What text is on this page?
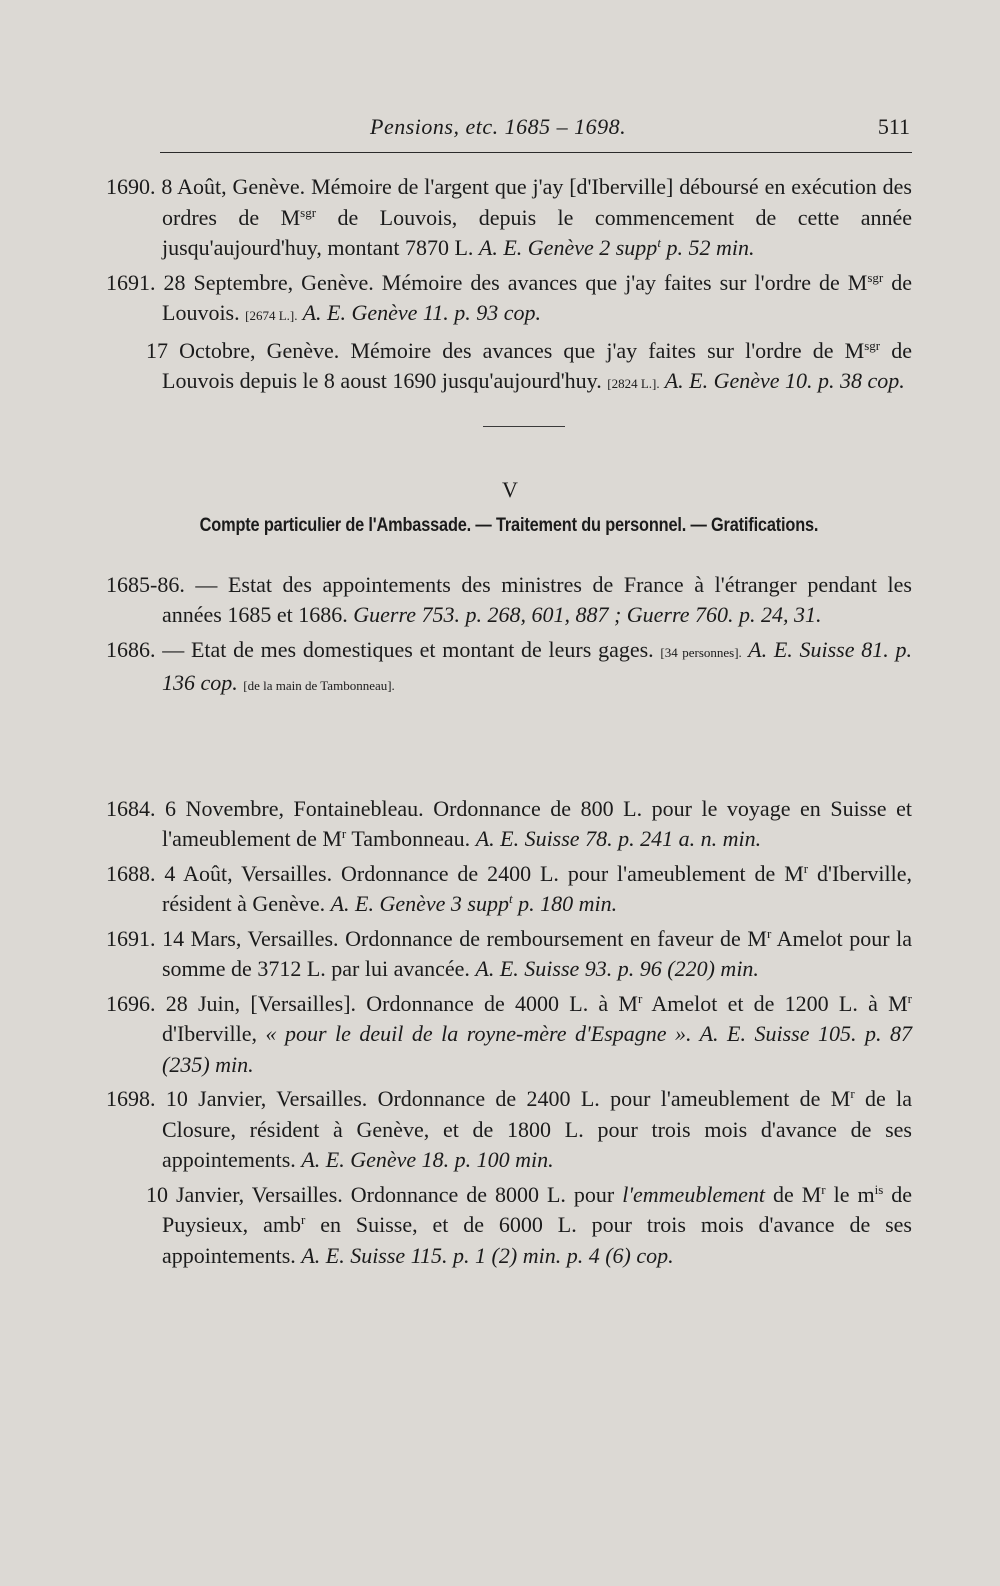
Pensions, etc. 1685 – 1698.	511

1690. 8 Août, Genève. Mémoire de l'argent que j'ay [d'Iberville] déboursé en exécution des ordres de $M^{sgr}$ de Louvois, depuis le commencement de cette année jusqu'aujourd'huy, montant 7870 L. A. E. Genève 2 supp$^t$ p. 52 min.

1691. 28 Septembre, Genève. Mémoire des avances que j'ay faites sur l'ordre de $M^{sgr}$ de Louvois. [2674 L.]. A. E. Genève 11. p. 93 cop.

17 Octobre, Genève. Mémoire des avances que j'ay faites sur l'ordre de $M^{sgr}$ de Louvois depuis le 8 aoust 1690 jusqu'aujourd'huy. [2824 L.]. A. E. Genève 10. p. 38 cop.

V
Compte particulier de l'Ambassade. — Traitement du personnel. — Gratifications.

1685-86. — Estat des appointements des ministres de France à l'étranger pendant les années 1685 et 1686. Guerre 753. p. 268, 601, 887 ; Guerre 760. p. 24, 31.

1686. — Etat de mes domestiques et montant de leurs gages. [34 personnes]. A. E. Suisse 81. p. 136 cop. [de la main de Tambonneau].

1684. 6 Novembre, Fontainebleau. Ordonnance de 800 L. pour le voyage en Suisse et l'ameublement de $M^r$ Tambonneau. A. E. Suisse 78. p. 241 a. n. min.

1688. 4 Août, Versailles. Ordonnance de 2400 L. pour l'ameublement de $M^r$ d'Iberville, résident à Genève. A. E. Genève 3 supp$^t$ p. 180 min.

1691. 14 Mars, Versailles. Ordonnance de remboursement en faveur de $M^r$ Amelot pour la somme de 3712 L. par lui avancée. A. E. Suisse 93. p. 96 (220) min.

1696. 28 Juin, [Versailles]. Ordonnance de 4000 L. à $M^r$ Amelot et de 1200 L. à $M^r$ d'Iberville, « pour le deuil de la royne-mère d'Espagne ». A. E. Suisse 105. p. 87 (235) min.

1698. 10 Janvier, Versailles. Ordonnance de 2400 L. pour l'ameublement de $M^r$ de la Closure, résident à Genève, et de 1800 L. pour trois mois d'avance de ses appointements. A. E. Genève 18. p. 100 min.

10 Janvier, Versailles. Ordonnance de 8000 L. pour l'emmeublement de $M^r$ le $m^{is}$ de Puysieux, amb$^r$ en Suisse, et de 6000 L. pour trois mois d'avance de ses appointements. A. E. Suisse 115. p. 1 (2) min. p. 4 (6) cop.
